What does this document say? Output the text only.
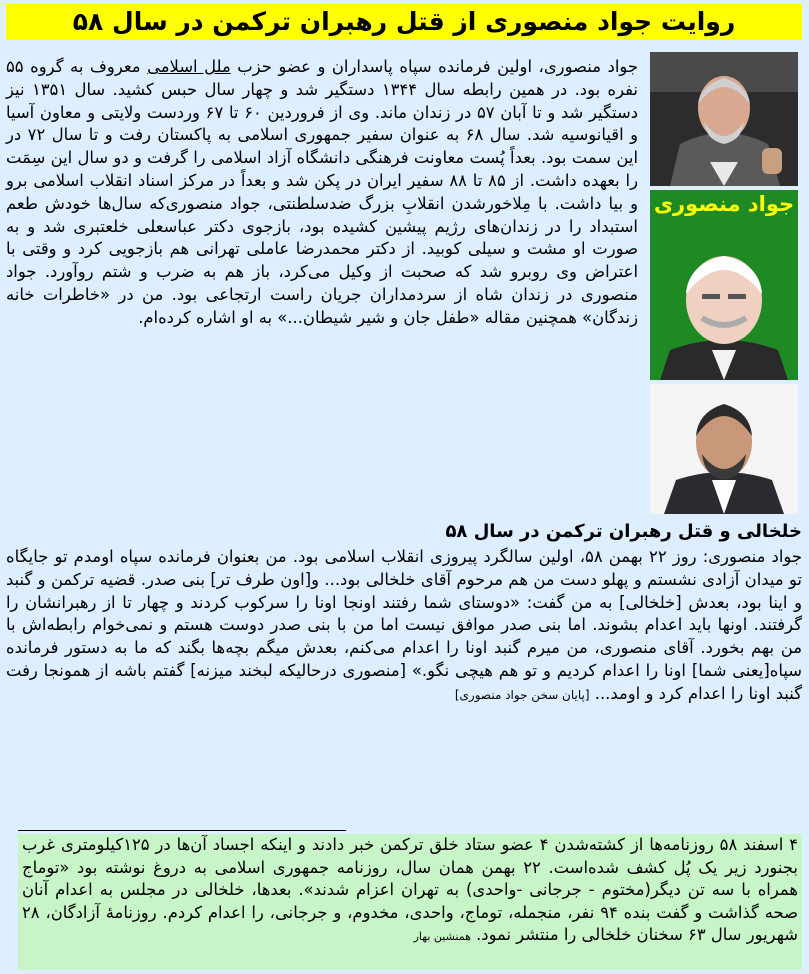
روایت جواد منصوری از قتل رهبران ترکمن در سال ۵۸
جواد منصوری
جواد منصوری، اولین فرمانده سپاه پاسداران و عضو حزب ملل اسلامی معروف به گروه ۵۵ نفره بود. در همین رابطه سال ۱۳۴۴ دستگیر شد و چهار سال حبس کشید. سال ۱۳۵۱ نیز دستگیر شد و تا آبان ۵۷ در زندان ماند. وی از فروردین ۶۰ تا ۶۷ وردست ولایتی و معاون آسیا و اقیانوسیه شد. سال ۶۸ به عنوان سفیر جمهوری اسلامی به پاکستان رفت و تا سال ۷۲ در این سمت بود. بعداً پُست معاونت فرهنگی دانشگاه آزاد اسلامی را گرفت و دو سال این سِمَت را بعهده داشت. از ۸۵ تا ۸۸ سفیر ایران در پکن شد و بعداً در مرکز اسناد انقلاب اسلامی برو و بیا داشت. با مِلاخورشدن انقلابِ بزرگ ضدسلطنتی، جواد منصوری‌که سال‌ها خودش طعم استبداد را در زندان‌های رژیم پیشین کشیده بود، بازجوی دکتر عباسعلی خلعتبری شد و به صورت او مشت و سیلی کوبید. از دکتر محمدرضا عاملی تهرانی هم بازجویی کرد و وقتی با اعتراض وی روبرو شد که صحبت از وکیل می‌کرد، باز هم به ضرب و شتم روآورد. جواد منصوری در زندان شاه از سردمداران جریان راست ارتجاعی بود. من در «خاطرات خانه زندگان» همچنین مقاله «طفل جان و شیر شیطان...» به او اشاره کرده‌ام.
خلخالی و قتل رهبران ترکمن در سال ۵۸
جواد منصوری: روز ۲۲ بهمن ۵۸، اولین سالگرد پیروزی انقلاب اسلامی بود. من بعنوان فرمانده سپاه اومدم تو جایگاه تو میدان آزادی نشستم و پهلو دست من هم مرحوم آقای خلخالی بود... و[اون طرف تر] بنی صدر. قضیه ترکمن و گنبد و اینا بود، بعدش [خلخالی] به من گفت: «دوستای شما رفتند اونجا اونا را سرکوب کردند و چهار تا از رهبرانشان را گرفتند. اونها باید اعدام بشوند. اما بنی صدر موافق نیست اما من با بنی صدر دوست هستم و نمی‌خوام رابطه‌اش با من بهم بخورد. آقای منصوری، من میرم گنبد اونا را اعدام می‌کنم، بعدش میگم بچه‌ها بگند که ما به دستور فرمانده سپاه[یعنی شما] اونا را اعدام کردیم و تو هم هیچی نگو.» [منصوری درحالیکه لبخند میزنه] گفتم باشه از همونجا رفت گنبد اونا را اعدام کرد و اومد... [پایان سخن جواد منصوری]
۴ اسفند ۵۸ روزنامه‌ها از کشته‌شدن ۴ عضو ستاد خلق ترکمن خبر دادند و اینکه اجساد آن‌ها در ۱۲۵کیلومتری غرب بجنورد زیر یک پُل کشف شده‌است. ۲۲ بهمن همان سال، روزنامه جمهوری اسلامی به دروغ نوشته بود «توماج همراه با سه تن دیگر(مختوم - جرجانی -واحدی) به تهران اعزام شدند». بعدها، خلخالی در مجلس به اعدام آنان صحه گذاشت و گفت بنده ۹۴ نفر، منجمله، توماج، واحدی، مخدوم، و جرجانی، را اعدام کردم. روزنامهٔ آزادگان، ۲۸ شهریور سال ۶۳ سخنان خلخالی را منتشر نمود. همنشین بهار
